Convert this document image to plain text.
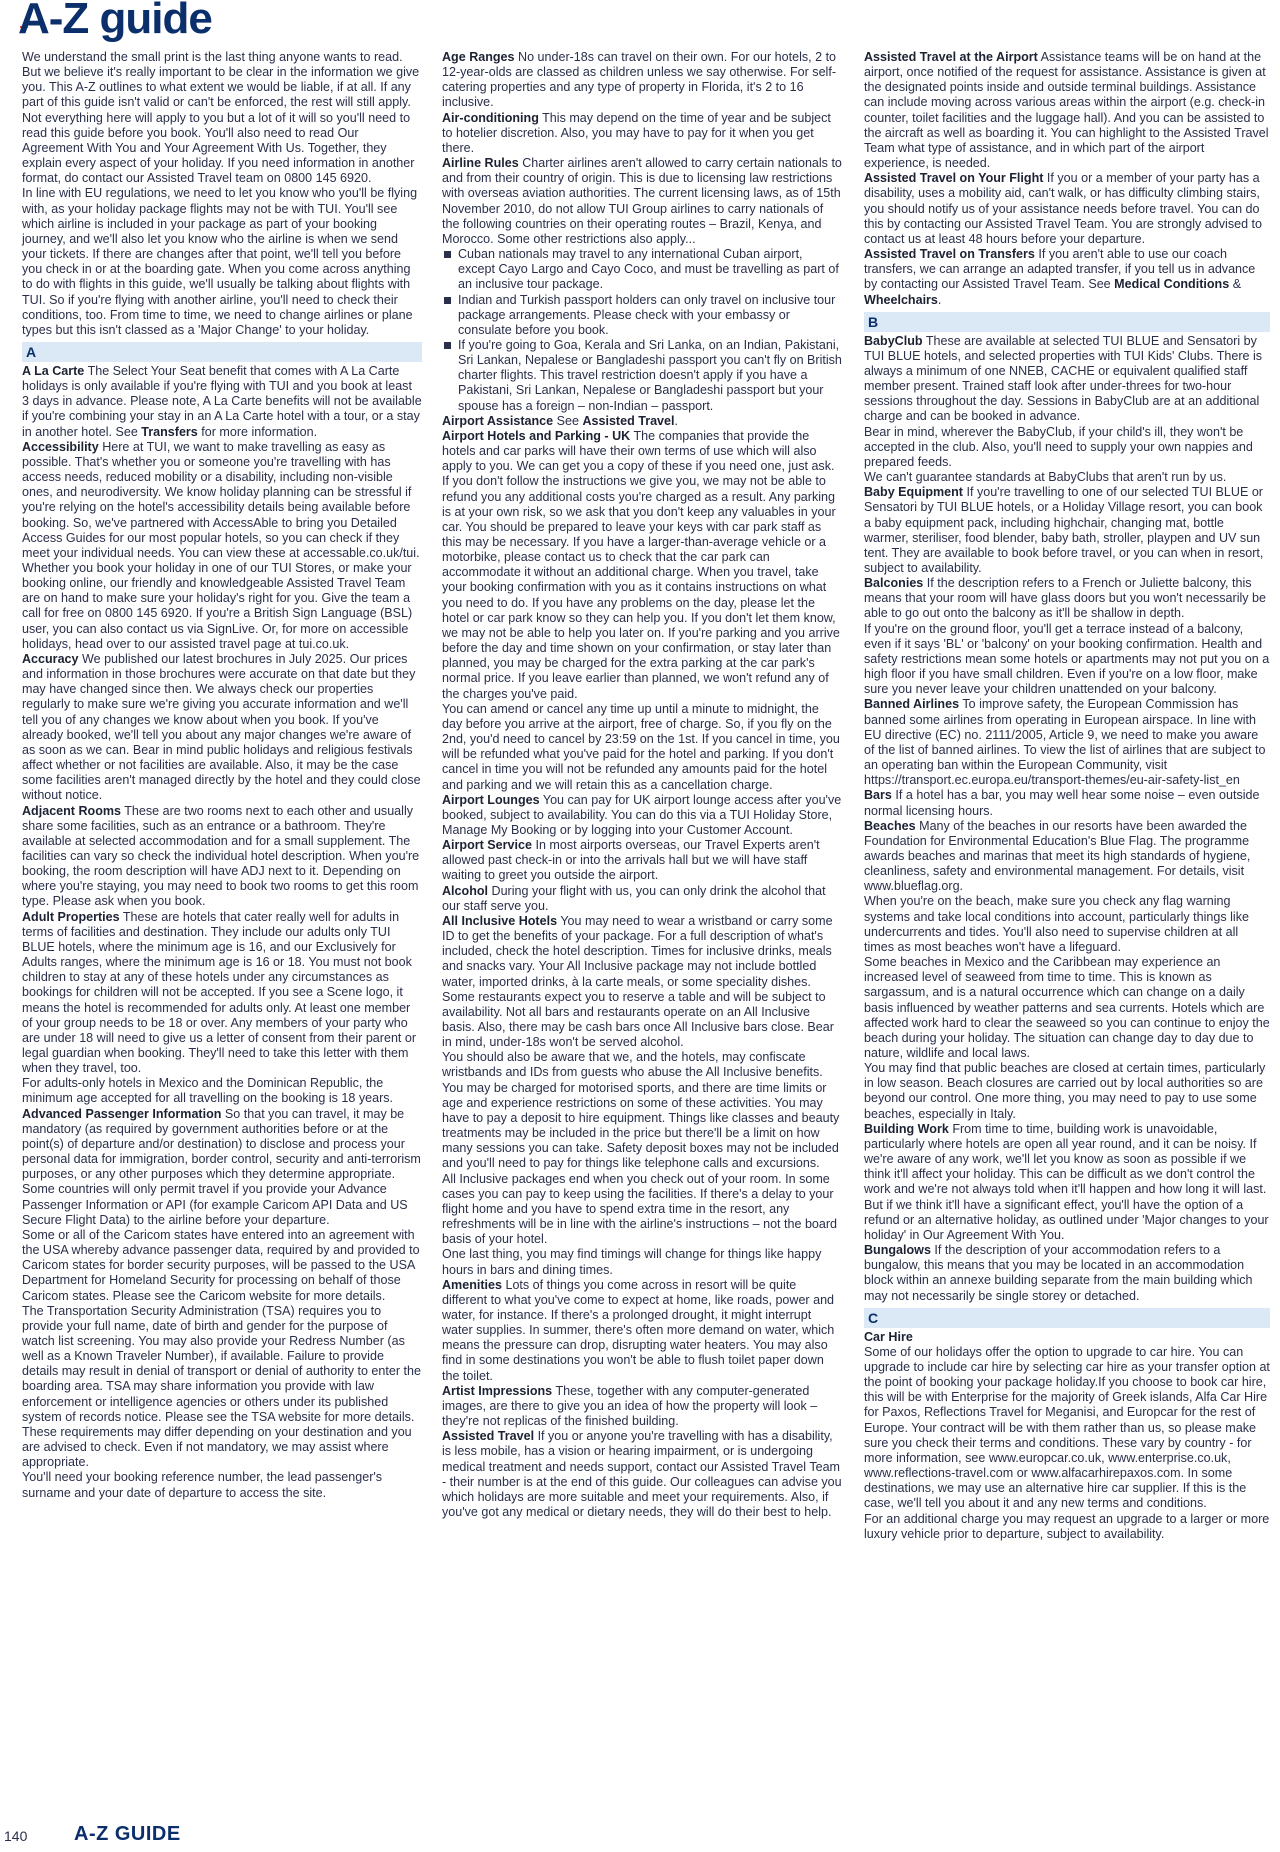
A-Z guide

We understand the small print is the last thing anyone wants to read. But we believe it's really important to be clear in the information we give you. This A-Z outlines to what extent we would be liable, if at all. If any part of this guide isn't valid or can't be enforced, the rest will still apply. Not everything here will apply to you but a lot of it will so you'll need to read this guide before you book. You'll also need to read Our Agreement With You and Your Agreement With Us. Together, they explain every aspect of your holiday. If you need information in another format, do contact our Assisted Travel team on 0800 145 6920.

In line with EU regulations, we need to let you know who you'll be flying with, as your holiday package flights may not be with TUI. You'll see which airline is included in your package as part of your booking journey, and we'll also let you know who the airline is when we send your tickets. If there are changes after that point, we'll tell you before you check in or at the boarding gate. When you come across anything to do with flights in this guide, we'll usually be talking about flights with TUI. So if you're flying with another airline, you'll need to check their conditions, too. From time to time, we need to change airlines or plane types but this isn't classed as a 'Major Change' to your holiday.

A

A La Carte The Select Your Seat benefit that comes with A La Carte holidays is only available if you're flying with TUI and you book at least 3 days in advance. Please note, A La Carte benefits will not be available if you're combining your stay in an A La Carte hotel with a tour, or a stay in another hotel. See Transfers for more information.

Accessibility Here at TUI, we want to make travelling as easy as possible. That's whether you or someone you're travelling with has access needs, reduced mobility or a disability, including non-visible ones, and neurodiversity. We know holiday planning can be stressful if you're relying on the hotel's accessibility details being available before booking. So, we've partnered with AccessAble to bring you Detailed Access Guides for our most popular hotels, so you can check if they meet your individual needs. You can view these at accessable.co.uk/tui.

Whether you book your holiday in one of our TUI Stores, or make your booking online, our friendly and knowledgeable Assisted Travel Team are on hand to make sure your holiday's right for you. Give the team a call for free on 0800 145 6920. If you're a British Sign Language (BSL) user, you can also contact us via SignLive. Or, for more on accessible holidays, head over to our assisted travel page at tui.co.uk.

Accuracy We published our latest brochures in July 2025. Our prices and information in those brochures were accurate on that date but they may have changed since then. We always check our properties regularly to make sure we're giving you accurate information and we'll tell you of any changes we know about when you book. If you've already booked, we'll tell you about any major changes we're aware of as soon as we can. Bear in mind public holidays and religious festivals affect whether or not facilities are available. Also, it may be the case some facilities aren't managed directly by the hotel and they could close without notice.

Adjacent Rooms These are two rooms next to each other and usually share some facilities, such as an entrance or a bathroom. They're available at selected accommodation and for a small supplement. The facilities can vary so check the individual hotel description. When you're booking, the room description will have ADJ next to it. Depending on where you're staying, you may need to book two rooms to get this room type. Please ask when you book.

Adult Properties These are hotels that cater really well for adults in terms of facilities and destination. They include our adults only TUI BLUE hotels, where the minimum age is 16, and our Exclusively for Adults ranges, where the minimum age is 16 or 18. You must not book children to stay at any of these hotels under any circumstances as bookings for children will not be accepted. If you see a Scene logo, it means the hotel is recommended for adults only. At least one member of your group needs to be 18 or over. Any members of your party who are under 18 will need to give us a letter of consent from their parent or legal guardian when booking. They'll need to take this letter with them when they travel, too.

For adults-only hotels in Mexico and the Dominican Republic, the minimum age accepted for all travelling on the booking is 18 years.

Advanced Passenger Information So that you can travel, it may be mandatory (as required by government authorities before or at the point(s) of departure and/or destination) to disclose and process your personal data for immigration, border control, security and anti-terrorism purposes, or any other purposes which they determine appropriate. Some countries will only permit travel if you provide your Advance Passenger Information or API (for example Caricom API Data and US Secure Flight Data) to the airline before your departure.

Some or all of the Caricom states have entered into an agreement with the USA whereby advance passenger data, required by and provided to Caricom states for border security purposes, will be passed to the USA Department for Homeland Security for processing on behalf of those Caricom states. Please see the Caricom website for more details.

The Transportation Security Administration (TSA) requires you to provide your full name, date of birth and gender for the purpose of watch list screening. You may also provide your Redress Number (as well as a Known Traveler Number), if available. Failure to provide details may result in denial of transport or denial of authority to enter the boarding area. TSA may share information you provide with law enforcement or intelligence agencies or others under its published system of records notice. Please see the TSA website for more details.

These requirements may differ depending on your destination and you are advised to check. Even if not mandatory, we may assist where appropriate.

You'll need your booking reference number, the lead passenger's surname and your date of departure to access the site.

Age Ranges No under-18s can travel on their own. For our hotels, 2 to 12-year-olds are classed as children unless we say otherwise. For self-catering properties and any type of property in Florida, it's 2 to 16 inclusive.

Air-conditioning This may depend on the time of year and be subject to hotelier discretion. Also, you may have to pay for it when you get there.

Airline Rules Charter airlines aren't allowed to carry certain nationals to and from their country of origin. This is due to licensing law restrictions with overseas aviation authorities. The current licensing laws, as of 15th November 2010, do not allow TUI Group airlines to carry nationals of the following countries on their operating routes – Brazil, Kenya, and Morocco. Some other restrictions also apply...

Cuban nationals may travel to any international Cuban airport, except Cayo Largo and Cayo Coco, and must be travelling as part of an inclusive tour package.
Indian and Turkish passport holders can only travel on inclusive tour package arrangements. Please check with your embassy or consulate before you book.
If you're going to Goa, Kerala and Sri Lanka, on an Indian, Pakistani, Sri Lankan, Nepalese or Bangladeshi passport you can't fly on British charter flights. This travel restriction doesn't apply if you have a Pakistani, Sri Lankan, Nepalese or Bangladeshi passport but your spouse has a foreign – non-Indian – passport.

Airport Assistance See Assisted Travel.

Airport Hotels and Parking - UK The companies that provide the hotels and car parks will have their own terms of use which will also apply to you. We can get you a copy of these if you need one, just ask.

If you don't follow the instructions we give you, we may not be able to refund you any additional costs you're charged as a result. Any parking is at your own risk, so we ask that you don't keep any valuables in your car. You should be prepared to leave your keys with car park staff as this may be necessary. If you have a larger-than-average vehicle or a motorbike, please contact us to check that the car park can accommodate it without an additional charge. When you travel, take your booking confirmation with you as it contains instructions on what you need to do. If you have any problems on the day, please let the hotel or car park know so they can help you. If you don't let them know, we may not be able to help you later on. If you're parking and you arrive before the day and time shown on your confirmation, or stay later than planned, you may be charged for the extra parking at the car park's normal price. If you leave earlier than planned, we won't refund any of the charges you've paid.

You can amend or cancel any time up until a minute to midnight, the day before you arrive at the airport, free of charge. So, if you fly on the 2nd, you'd need to cancel by 23:59 on the 1st. If you cancel in time, you will be refunded what you've paid for the hotel and parking. If you don't cancel in time you will not be refunded any amounts paid for the hotel and parking and we will retain this as a cancellation charge.

Airport Lounges You can pay for UK airport lounge access after you've booked, subject to availability. You can do this via a TUI Holiday Store, Manage My Booking or by logging into your Customer Account.

Airport Service In most airports overseas, our Travel Experts aren't allowed past check-in or into the arrivals hall but we will have staff waiting to greet you outside the airport.

Alcohol During your flight with us, you can only drink the alcohol that our staff serve you.

All Inclusive Hotels You may need to wear a wristband or carry some ID to get the benefits of your package. For a full description of what's included, check the hotel description. Times for inclusive drinks, meals and snacks vary. Your All Inclusive package may not include bottled water, imported drinks, à la carte meals, or some speciality dishes. Some restaurants expect you to reserve a table and will be subject to availability. Not all bars and restaurants operate on an All Inclusive basis. Also, there may be cash bars once All Inclusive bars close. Bear in mind, under-18s won't be served alcohol.

You should also be aware that we, and the hotels, may confiscate wristbands and IDs from guests who abuse the All Inclusive benefits.

You may be charged for motorised sports, and there are time limits or age and experience restrictions on some of these activities. You may have to pay a deposit to hire equipment. Things like classes and beauty treatments may be included in the price but there'll be a limit on how many sessions you can take. Safety deposit boxes may not be included and you'll need to pay for things like telephone calls and excursions.

All Inclusive packages end when you check out of your room. In some cases you can pay to keep using the facilities. If there's a delay to your flight home and you have to spend extra time in the resort, any refreshments will be in line with the airline's instructions – not the board basis of your hotel.

One last thing, you may find timings will change for things like happy hours in bars and dining times.

Amenities Lots of things you come across in resort will be quite different to what you've come to expect at home, like roads, power and water, for instance. If there's a prolonged drought, it might interrupt water supplies. In summer, there's often more demand on water, which means the pressure can drop, disrupting water heaters. You may also find in some destinations you won't be able to flush toilet paper down the toilet.

Artist Impressions These, together with any computer-generated images, are there to give you an idea of how the property will look – they're not replicas of the finished building.

Assisted Travel If you or anyone you're travelling with has a disability, is less mobile, has a vision or hearing impairment, or is undergoing medical treatment and needs support, contact our Assisted Travel Team - their number is at the end of this guide. Our colleagues can advise you which holidays are more suitable and meet your requirements. Also, if you've got any medical or dietary needs, they will do their best to help.

Assisted Travel at the Airport Assistance teams will be on hand at the airport, once notified of the request for assistance. Assistance is given at the designated points inside and outside terminal buildings. Assistance can include moving across various areas within the airport (e.g. check-in counter, toilet facilities and the luggage hall). And you can be assisted to the aircraft as well as boarding it. You can highlight to the Assisted Travel Team what type of assistance, and in which part of the airport experience, is needed.

Assisted Travel on Your Flight If you or a member of your party has a disability, uses a mobility aid, can't walk, or has difficulty climbing stairs, you should notify us of your assistance needs before travel. You can do this by contacting our Assisted Travel Team. You are strongly advised to contact us at least 48 hours before your departure.

Assisted Travel on Transfers If you aren't able to use our coach transfers, we can arrange an adapted transfer, if you tell us in advance by contacting our Assisted Travel Team. See Medical Conditions & Wheelchairs.

B

BabyClub These are available at selected TUI BLUE and Sensatori by TUI BLUE hotels, and selected properties with TUI Kids' Clubs. There is always a minimum of one NNEB, CACHE or equivalent qualified staff member present. Trained staff look after under-threes for two-hour sessions throughout the day. Sessions in BabyClub are at an additional charge and can be booked in advance.

Bear in mind, wherever the BabyClub, if your child's ill, they won't be accepted in the club. Also, you'll need to supply your own nappies and prepared feeds.

We can't guarantee standards at BabyClubs that aren't run by us.

Baby Equipment If you're travelling to one of our selected TUI BLUE or Sensatori by TUI BLUE hotels, or a Holiday Village resort, you can book a baby equipment pack, including highchair, changing mat, bottle warmer, steriliser, food blender, baby bath, stroller, playpen and UV sun tent. They are available to book before travel, or you can when in resort, subject to availability.

Balconies If the description refers to a French or Juliette balcony, this means that your room will have glass doors but you won't necessarily be able to go out onto the balcony as it'll be shallow in depth.

If you're on the ground floor, you'll get a terrace instead of a balcony, even if it says 'BL' or 'balcony' on your booking confirmation. Health and safety restrictions mean some hotels or apartments may not put you on a high floor if you have small children. Even if you're on a low floor, make sure you never leave your children unattended on your balcony.

Banned Airlines To improve safety, the European Commission has banned some airlines from operating in European airspace. In line with EU directive (EC) no. 2111/2005, Article 9, we need to make you aware of the list of banned airlines. To view the list of airlines that are subject to an operating ban within the European Community, visit https://transport.ec.europa.eu/transport-themes/eu-air-safety-list_en

Bars If a hotel has a bar, you may well hear some noise – even outside normal licensing hours.

Beaches Many of the beaches in our resorts have been awarded the Foundation for Environmental Education's Blue Flag. The programme awards beaches and marinas that meet its high standards of hygiene, cleanliness, safety and environmental management. For details, visit www.blueflag.org.

When you're on the beach, make sure you check any flag warning systems and take local conditions into account, particularly things like undercurrents and tides. You'll also need to supervise children at all times as most beaches won't have a lifeguard.

Some beaches in Mexico and the Caribbean may experience an increased level of seaweed from time to time. This is known as sargassum, and is a natural occurrence which can change on a daily basis influenced by weather patterns and sea currents. Hotels which are affected work hard to clear the seaweed so you can continue to enjoy the beach during your holiday. The situation can change day to day due to nature, wildlife and local laws.

You may find that public beaches are closed at certain times, particularly in low season. Beach closures are carried out by local authorities so are beyond our control. One more thing, you may need to pay to use some beaches, especially in Italy.

Building Work From time to time, building work is unavoidable, particularly where hotels are open all year round, and it can be noisy. If we're aware of any work, we'll let you know as soon as possible if we think it'll affect your holiday. This can be difficult as we don't control the work and we're not always told when it'll happen and how long it will last. But if we think it'll have a significant effect, you'll have the option of a refund or an alternative holiday, as outlined under 'Major changes to your holiday' in Our Agreement With You.

Bungalows If the description of your accommodation refers to a bungalow, this means that you may be located in an accommodation block within an annexe building separate from the main building which may not necessarily be single storey or detached.

C

Car Hire

Some of our holidays offer the option to upgrade to car hire. You can upgrade to include car hire by selecting car hire as your transfer option at the point of booking your package holiday.If you choose to book car hire, this will be with Enterprise for the majority of Greek islands, Alfa Car Hire for Paxos, Reflections Travel for Meganisi, and Europcar for the rest of Europe. Your contract will be with them rather than us, so please make sure you check their terms and conditions. These vary by country - for more information, see www.europcar.co.uk, www.enterprise.co.uk, www.reflections-travel.com or www.alfacarhirepaxos.com. In some destinations, we may use an alternative hire car supplier. If this is the case, we'll tell you about it and any new terms and conditions.

For an additional charge you may request an upgrade to a larger or more luxury vehicle prior to departure, subject to availability.

140 A-Z GUIDE
